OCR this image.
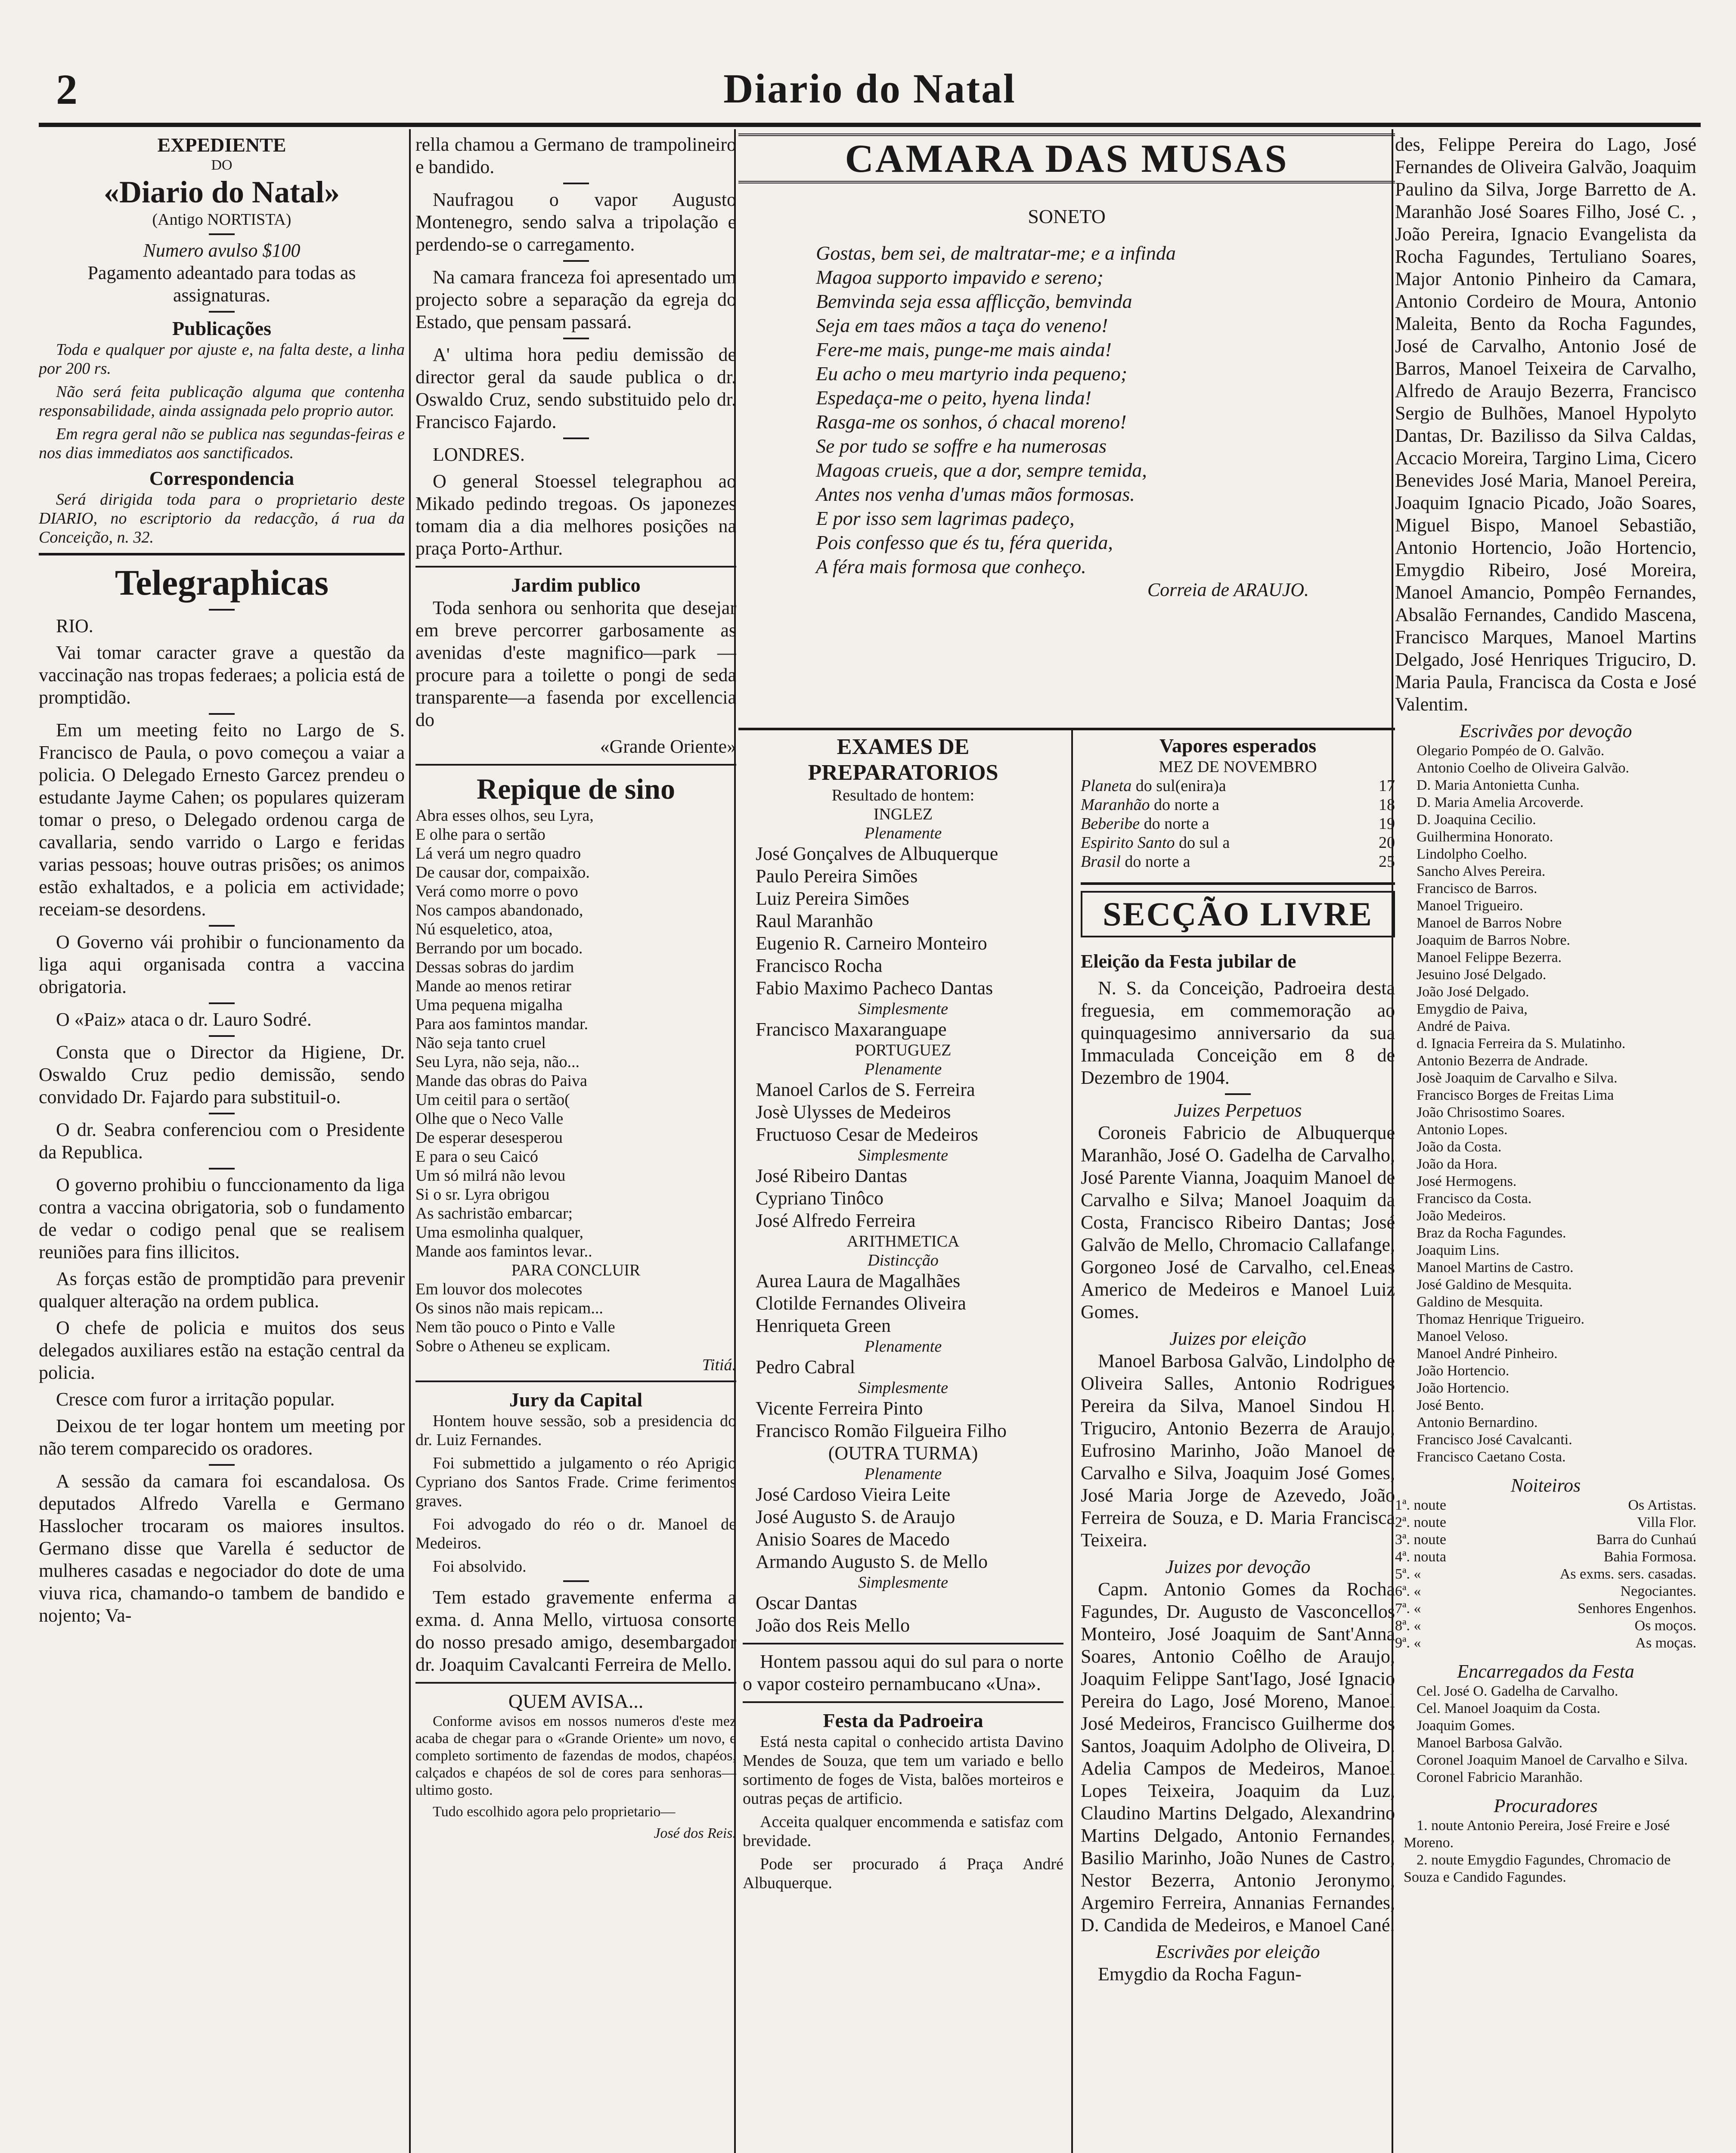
2	Diario do Natal
EXPEDIENTE
DO
«Diario do Natal»
(Antigo NORTISTA)
Numero avulso $100
Pagamento adeantado para todas as assignaturas.
Publicações

Toda e qualquer por ajuste e, na falta deste, a linha por 200 rs.

Não será feita publicação alguma que contenha responsabilidade, ainda assignada pelo proprio autor.

Em regra geral não se publica nas segundas-feiras e nos dias immediatos aos sanctificados.

Correspondencia

Será dirigida toda para o proprietario deste DIARIO, no escriptorio da redacção, á rua da Conceição, n. 32.

Telegraphicas

RIO.

Vai tomar caracter grave a questão da vaccinação nas tropas federaes; a policia está de promptidão.

Em um meeting feito no Largo de S. Francisco de Paula, o povo começou a vaiar a policia. O Delegado Ernesto Garcez prendeu o estudante Jayme Cahen; os populares quizeram tomar o preso, o Delegado ordenou carga de cavallaria, sendo varrido o Largo e feridas varias pessoas; houve outras prisões; os animos estão exhaltados, e a policia em actividade; receiam-se desordens.

O Governo vái prohibir o funcionamento da liga aqui organisada contra a vaccina obrigatoria.

O «Paiz» ataca o dr. Lauro Sodré.

Consta que o Director da Higiene, Dr. Oswaldo Cruz pedio demissão, sendo convidado Dr. Fajardo para substituil-o.

O dr. Seabra conferenciou com o Presidente da Republica.

O governo prohibiu o funccionamento da liga contra a vaccina obrigatoria, sob o fundamento de vedar o codigo penal que se realisem reuniões para fins illicitos.

As forças estão de promptidão para prevenir qualquer alteração na ordem publica.

O chefe de policia e muitos dos seus delegados auxiliares estão na estação central da policia.

Cresce com furor a irritação popular.

Deixou de ter logar hontem um meeting por não terem comparecido os oradores.

A sessão da camara foi escandalosa. Os deputados Alfredo Varella e Germano Hasslocher trocaram os maiores insultos. Germano disse que Varella é seductor de mulheres casadas e negociador do dote de uma viuva rica, chamando-o tambem de bandido e nojento; Va-

rella chamou a Germano de trampolineiro e bandido.

Naufragou o vapor Augusto Montenegro, sendo salva a tripolação e perdendo-se o carregamento.

Na camara franceza foi apresentado um projecto sobre a separação da egreja do Estado, que pensam passará.

A' ultima hora pediu demissão de director geral da saude publica o dr. Oswaldo Cruz, sendo substituido pelo dr. Francisco Fajardo.

LONDRES.

O general Stoessel telegraphou ao Mikado pedindo tregoas. Os japonezes tomam dia a dia melhores posições na praça Porto-Arthur.

Jardim publico

Toda senhora ou senhorita que desejar em breve percorrer garbosamente as avenidas d'este magnifico—park — procure para a toilette o pongi de seda transparente—a fasenda por excellencia do

«Grande Oriente»

Repique de sino

Abra esses olhos, seu Lyra,
E olhe para o sertão
Lá verá um negro quadro
De causar dor, compaixão.

Verá como morre o povo
Nos campos abandonado,
Nú esqueletico, atoa,
Berrando por um bocado.

Dessas sobras do jardim
Mande ao menos retirar
Uma pequena migalha
Para aos famintos mandar.

Não seja tanto cruel
Seu Lyra, não seja, não...
Mande das obras do Paiva
Um ceitil para o sertão(

Olhe que o Neco Valle
De esperar desesperou
E para o seu Caicó
Um só milrá não levou

Si o sr. Lyra obrigou
As sachristão embarcar;
Uma esmolinha qualquer,
Mande aos famintos levar..

PARA CONCLUIR

Em louvor dos molecotes
Os sinos não mais repicam...
Nem tão pouco o Pinto e Valle
Sobre o Atheneu se explicam.

Titiá.

Jury da Capital

Hontem houve sessão, sob a presidencia do dr. Luiz Fernandes.

Foi submettido a julgamento o réo Aprigio Cypriano dos Santos Frade. Crime ferimentos graves.

Foi advogado do réo o dr. Manoel de Medeiros.

Foi absolvido.

Tem estado gravemente enferma a exma. d. Anna Mello, virtuosa consorte do nosso presado amigo, desembargador dr. Joaquim Cavalcanti Ferreira de Mello.

QUEM AVISA...

Conforme avisos em nossos numeros d'este mez acaba de chegar para o «Grande Oriente» um novo, e completo sortimento de fazendas de modos, chapéos, calçados e chapéos de sol de cores para senhoras—ultimo gosto.

Tudo escolhido agora pelo proprietario—

José dos Reis.

CAMARA DAS MUSAS
SONETO

Gostas, bem sei, de maltratar-me; e a infinda
Magoa supporto impavido e sereno;
Bemvinda seja essa afflicção, bemvinda
Seja em taes mãos a taça do veneno!

Fere-me mais, punge-me mais ainda!
Eu acho o meu martyrio inda pequeno;
Espedaça-me o peito, hyena linda!
Rasga-me os sonhos, ó chacal moreno!

Se por tudo se soffre e ha numerosas
Magoas crueis, que a dor, sempre temida,
Antes nos venha d'umas mãos formosas.

E por isso sem lagrimas padeço,
Pois confesso que és tu, féra querida,
A féra mais formosa que conheço.

Correia de ARAUJO.

EXAMES DE PREPARATORIOS
Resultado de hontem:
INGLEZ
Plenamente

José Gonçalves de Albuquerque

Paulo Pereira Simões

Luiz Pereira Simões

Raul Maranhão

Eugenio R. Carneiro Monteiro

Francisco Rocha

Fabio Maximo Pacheco Dantas

Simplesmente

Francisco Maxaranguape

PORTUGUEZ
Plenamente

Manoel Carlos de S. Ferreira

Josè Ulysses de Medeiros

Fructuoso Cesar de Medeiros

Simplesmente

José Ribeiro Dantas

Cypriano Tinôco

José Alfredo Ferreira

ARITHMETICA
Distincção

Aurea Laura de Magalhães

Clotilde Fernandes Oliveira

Henriqueta Green

Plenamente

Pedro Cabral

Simplesmente

Vicente Ferreira Pinto

Francisco Romão Filgueira Filho

(OUTRA TURMA)
Plenamente

José Cardoso Vieira Leite

José Augusto S. de Araujo

Anisio Soares de Macedo

Armando Augusto S. de Mello

Simplesmente

Oscar Dantas

João dos Reis Mello

Hontem passou aqui do sul para o norte o vapor costeiro pernambucano «Una».

Festa da Padroeira

Está nesta capital o conhecido artista Davino Mendes de Souza, que tem um variado e bello sortimento de foges de Vista, balões morteiros e outras peças de artificio.

Acceita qualquer encommenda e satisfaz com brevidade.

Pode ser procurado á Praça André Albuquerque.

Vapores esperados
MEZ DE NOVEMBRO
Planeta do sul(enira)a	17
Maranhão do norte a	18
Beberibe do norte a	19
Espirito Santo do sul a	20
Brasil do norte a	25
SECÇÃO LIVRE

Eleição da Festa jubilar de

N. S. da Conceição, Padroeira desta freguesia, em commemoração ao quinquagesimo anniversario da sua Immaculada Conceição em 8 de Dezembro de 1904.

Juizes Perpetuos

Coroneis Fabricio de Albuquerque Maranhão, José O. Gadelha de Carvalho, José Parente Vianna, Joaquim Manoel de Carvalho e Silva; Manoel Joaquim da Costa, Francisco Ribeiro Dantas; José Galvão de Mello, Chromacio Callafange, Gorgoneo José de Carvalho, cel.Eneas Americo de Medeiros e Manoel Luiz Gomes.

Juizes por eleição

Manoel Barbosa Galvão, Lindolpho de Oliveira Salles, Antonio Rodrigues Pereira da Silva, Manoel Sindou H. Triguciro, Antonio Bezerra de Araujo, Eufrosino Marinho, João Manoel de Carvalho e Silva, Joaquim José Gomes, José Maria Jorge de Azevedo, João Ferreira de Souza, e D. Maria Francisca Teixeira.

Juizes por devoção

Capm. Antonio Gomes da Rocha Fagundes, Dr. Augusto de Vasconcellos Monteiro, José Joaquim de Sant'Anna Soares, Antonio Coêlho de Araujo, Joaquim Felippe Sant'Iago, José Ignacio Pereira do Lago, José Moreno, Manoel José Medeiros, Francisco Guilherme dos Santos, Joaquim Adolpho de Oliveira, D. Adelia Campos de Medeiros, Manoel Lopes Teixeira, Joaquim da Luz, Claudino Martins Delgado, Alexandrino Martins Delgado, Antonio Fernandes, Basilio Marinho, João Nunes de Castro, Nestor Bezerra, Antonio Jeronymo, Argemiro Ferreira, Annanias Fernandes, D. Candida de Medeiros, e Manoel Cané.

Escrivães por eleição

Emygdio da Rocha Fagun-

des, Felippe Pereira do Lago, José Fernandes de Oliveira Galvão, Joaquim Paulino da Silva, Jorge Barretto de A. Maranhão José Soares Filho, José C. , João Pereira, Ignacio Evangelista da Rocha Fagundes, Tertuliano Soares, Major Antonio Pinheiro da Camara, Antonio Cordeiro de Moura, Antonio Maleita, Bento da Rocha Fagundes, José de Carvalho, Antonio José de Barros, Manoel Teixeira de Carvalho, Alfredo de Araujo Bezerra, Francisco Sergio de Bulhões, Manoel Hypolyto Dantas, Dr. Bazilisso da Silva Caldas, Accacio Moreira, Targino Lima, Cicero Benevides José Maria, Manoel Pereira, Joaquim Ignacio Picado, João Soares, Miguel Bispo, Manoel Sebastião, Antonio Hortencio, João Hortencio, Emygdio Ribeiro, José Moreira, Manoel Amancio, Pompêo Fernandes, Absalão Fernandes, Candido Mascena, Francisco Marques, Manoel Martins Delgado, José Henriques Triguciro, D. Maria Paula, Francisca da Costa e José Valentim.

Escrivães por devoção

Olegario Pompéo de O. Galvão.

Antonio Coelho de Oliveira Galvão.

D. Maria Antonietta Cunha.

D. Maria Amelia Arcoverde.

D. Joaquina Cecilio.

Guilhermina Honorato.

Lindolpho Coelho.

Sancho Alves Pereira.

Francisco de Barros.

Manoel Trigueiro.

Manoel de Barros Nobre

Joaquim de Barros Nobre.

Manoel Felippe Bezerra.

Jesuino José Delgado.

João José Delgado.

Emygdio de Paiva,

André de Paiva.

d. Ignacia Ferreira da S. Mulatinho.

Antonio Bezerra de Andrade.

Josè Joaquim de Carvalho e Silva.

Francisco Borges de Freitas Lima

João Chrisostimo Soares.

Antonio Lopes.

João da Costa.

João da Hora.

José Hermogens.

Francisco da Costa.

João Medeiros.

Braz da Rocha Fagundes.

Joaquim Lins.

Manoel Martins de Castro.

José Galdino de Mesquita.

Galdino de Mesquita.

Thomaz Henrique Trigueiro.

Manoel Veloso.

Manoel André Pinheiro.

João Hortencio.

João Hortencio.

José Bento.

Antonio Bernardino.

Francisco José Cavalcanti.

Francisco Caetano Costa.

Noiteiros
1ª. noute	Os Artistas.
2ª. noute	Villa Flor.
3ª. noute	Barra do Cunhaú
4ª. nouta	Bahia Formosa.
5ª. «	As exms. sers. casadas.
6ª. «	Negociantes.
7ª. «	Senhores Engenhos.
8ª. «	Os moços.
9ª. «	As moças.
Encarregados da Festa

Cel. José O. Gadelha de Carvalho.

Cel. Manoel Joaquim da Costa.

Joaquim Gomes.

Manoel Barbosa Galvão.

Coronel Joaquim Manoel de Carvalho e Silva.

Coronel Fabricio Maranhão.

Procuradores

1. noute Antonio Pereira, José Freire e José Moreno.

2. noute Emygdio Fagundes, Chromacio de Souza e Candido Fagundes.
